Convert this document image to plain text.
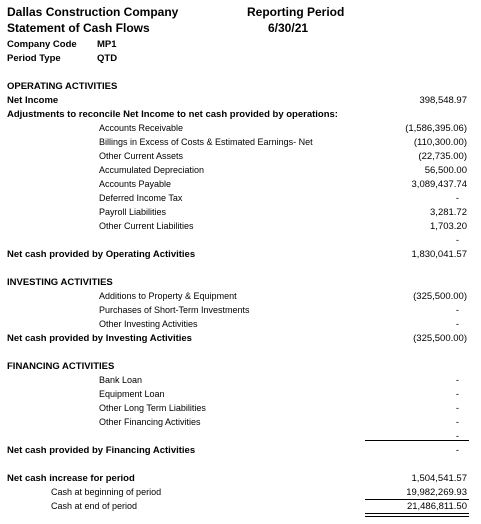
Dallas Construction Company
Statement of Cash Flows
Reporting Period
6/30/21
Company Code MP1
Period Type	QTD
OPERATING ACTIVITIES
Net Income	398,548.97
Adjustments to reconcile Net Income to net cash provided by operations:
Accounts Receivable	(1,586,395.06)
Billings in Excess of Costs & Estimated Earnings- Net	(110,300.00)
Other Current Assets	(22,735.00)
Accumulated Depreciation	56,500.00
Accounts Payable	3,089,437.74
Deferred Income Tax	-
Payroll Liabilities	3,281.72
Other Current Liabilities	1,703.20
-
Net cash provided by Operating Activities	1,830,041.57
INVESTING ACTIVITIES
Additions to Property & Equipment	(325,500.00)
Purchases of Short-Term Investments	-
Other Investing Activities	-
Net cash provided by Investing Activities	(325,500.00)
FINANCING ACTIVITIES
Bank Loan	-
Equipment Loan	-
Other Long Term Liabilities	-
Other Financing Activities	-
-
Net cash provided by Financing Activities	-
Net cash increase for period	1,504,541.57
Cash at beginning of period	19,982,269.93
Cash at end of period	21,486,811.50
